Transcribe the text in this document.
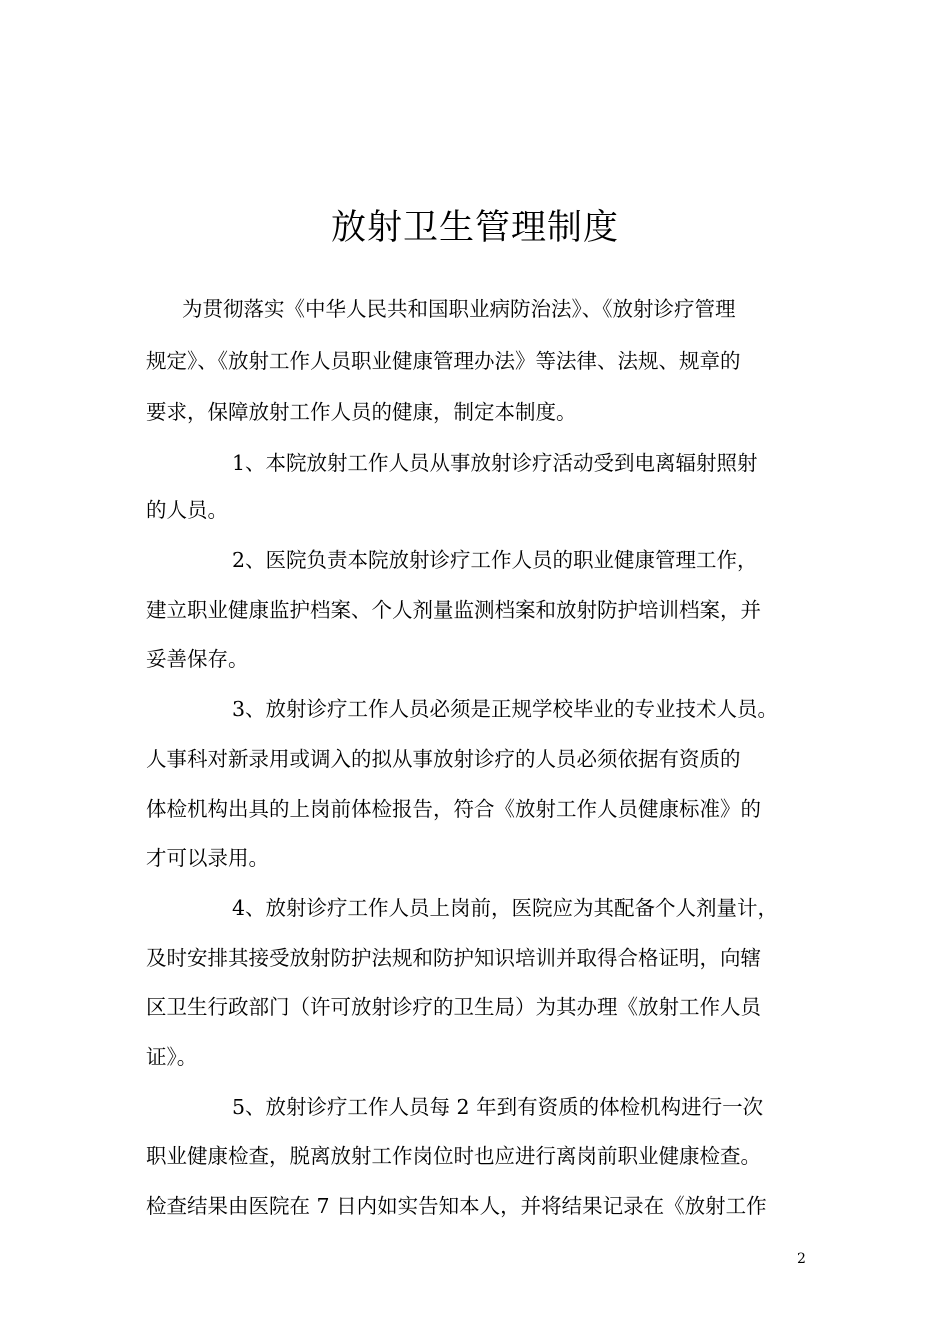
放射卫生管理制度
为贯彻落实《中华人民共和国职业病防治法》、《放射诊疗管理
规定》、《放射工作人员职业健康管理办法》等法律、法规、规章的
要求，保障放射工作人员的健康，制定本制度。
1、本院放射工作人员从事放射诊疗活动受到电离辐射照射
的人员。
2、医院负责本院放射诊疗工作人员的职业健康管理工作，
建立职业健康监护档案、个人剂量监测档案和放射防护培训档案，并
妥善保存。
3、放射诊疗工作人员必须是正规学校毕业的专业技术人员。
人事科对新录用或调入的拟从事放射诊疗的人员必须依据有资质的
体检机构出具的上岗前体检报告，符合《放射工作人员健康标准》的
才可以录用。
4、放射诊疗工作人员上岗前，医院应为其配备个人剂量计，
及时安排其接受放射防护法规和防护知识培训并取得合格证明，向辖
区卫生行政部门（许可放射诊疗的卫生局）为其办理《放射工作人员
证》。
5、放射诊疗工作人员每 2 年到有资质的体检机构进行一次
职业健康检查，脱离放射工作岗位时也应进行离岗前职业健康检查。
检查结果由医院在 7 日内如实告知本人，并将结果记录在《放射工作
2
